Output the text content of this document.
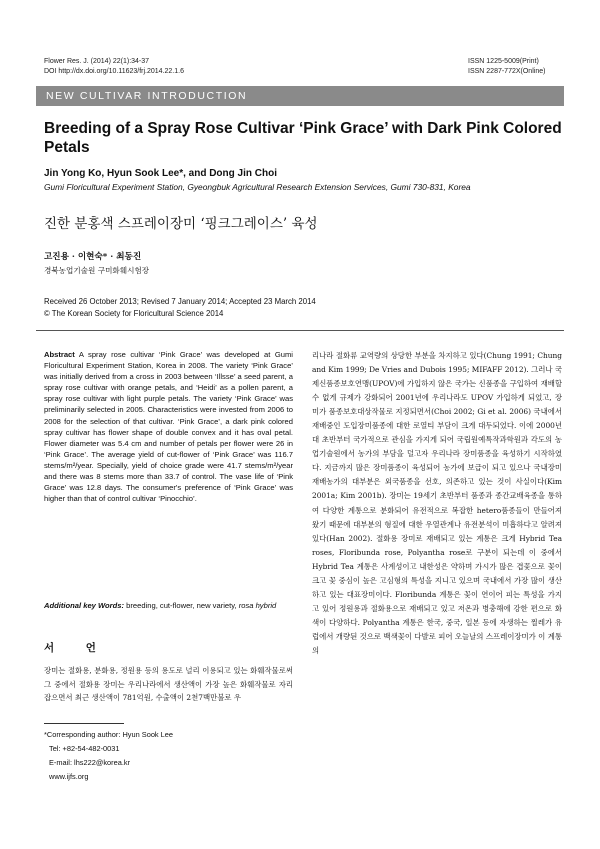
Flower Res. J. (2014) 22(1):34-37
DOI http://dx.doi.org/10.11623/frj.2014.22.1.6
ISSN 1225-5009(Print)
ISSN 2287-772X(Online)
NEW CULTIVAR INTRODUCTION
Breeding of a Spray Rose Cultivar ‘Pink Grace’ with Dark Pink Colored Petals
Jin Yong Ko, Hyun Sook Lee*, and Dong Jin Choi
Gumi Floricultural Experiment Station, Gyeongbuk Agricultural Research Extension Services, Gumi 730-831, Korea
진한 분홍색 스프레이장미 ‘핑크그레이스’ 육성
고진용 · 이현숙* · 최동진
경북농업기술원 구미화훼시험장
Received 26 October 2013; Revised 7 January 2014; Accepted 23 March 2014
© The Korean Society for Floricultural Science 2014
Abstract A spray rose cultivar ‘Pink Grace’ was developed at Gumi Floricultural Experiment Station, Korea in 2008. The variety ‘Pink Grace’ was initially derived from a cross in 2003 between ‘Illsse’ a seed parent, a spray rose cultivar with orange petals, and ‘Heidi’ as a pollen parent, a spray rose cultivar with light purple petals. The variety ‘Pink Grace’ was preliminarily selected in 2005. Characteristics were invested from 2006 to 2008 for the selection of that cultivar. ‘Pink Grace’, a dark pink colored spray cultivar has flower shape of double convex and it has oval petal. Flower diameter was 5.4 cm and number of petals per flower were 26 in ‘Pink Grace’. The average yield of cut-flower of ‘Pink Grace’ was 116.7 stems/m²/year. Specially, yield of choice grade were 41.7 stems/m²/year and there was 8 stems more than 33.7 of control. The vase life of ‘Pink Grace’ was 12.8 days. The consumer's preference of ‘Pink Grace’ was higher than that of control cultivar ‘Pinocchio’.
Additional key Words: breeding, cut-flower, new variety, rosa hybrid
서 언
장미는 절화용, 분화용, 정원용 등의 용도로 널리 이용되고 있는 화훼작물로써 그 중에서 절화용 장미는 우리나라에서 생산액이 가장 높은 화훼작물로 자리잡으면서 최근 생산액이 781억원, 수출액이 2천7백만불로 우
*Corresponding author: Hyun Sook Lee
Tel: +82-54-482-0031
E-mail: lhs222@korea.kr
www.ijfs.org
리나라 절화류 교역량의 상당한 부분을 차지하고 있다(Chung 1991; Chung and Kim 1999; De Vries and Dubois 1995; MIFAFF 2012). 그러나 국제신품종보호연맹(UPOV)에 가입하지 않은 국가는 신품종을 구입하여 재배할 수 없게 규제가 강화되어 2001년에 우리나라도 UPOV 가입하게 되었고, 장미가 품종보호대상작물로 지정되면서(Choi 2002; Gi et al. 2006) 국내에서 재배중인 도입장미품종에 대한 로열티 부담이 크게 대두되었다. 이에 2000년대 초반부터 국가적으로 관심을 가지게 되어 국립원예특작과학원과 각도의 농업기술원에서 농가의 부담을 덜고자 우리나라 장미품종을 육성하기 시작하였다. 지금까지 많은 장미품종이 육성되어 농가에 보급이 되고 있으나 국내장미 재배농가의 대부분은 외국품종을 선호, 의존하고 있는 것이 사실이다(Kim 2001a; Kim 2001b). 장미는 19세기 초반부터 품종과 종간교배육종을 통하여 다양한 계통으로 분화되어 유전적으로 복잡한 hetero품종들이 만들어져 왔기 때문에 대부분의 형질에 대한 우열관계나 유전분석이 미흡하다고 알려져 있다(Han 2002). 절화용 장미로 재배되고 있는 계통은 크게 Hybrid Tea roses, Floribunda rose, Polyantha rose로 구분이 되는데 이 중에서 Hybrid Tea 계통은 사계성이고 내한성은 약하며 가시가 많은 겹꽃으로 꽃이 크고 꽃 중심이 높은 고심형의 특성을 지니고 있으며 국내에서 가장 많이 생산하고 있는 대표장미이다. Floribunda 계통은 꽃이 연이어 피는 특성을 가지고 있어 정원용과 절화용으로 재배되고 있고 저온과 병충해에 강한 편으로 화색이 다양하다. Polyantha 계통은 한국, 중국, 일본 등에 자생하는 찔레가 유럽에서 개량된 것으로 백색꽃이 다발로 피어 오늘날의 스프레이장미가 이 계통의
